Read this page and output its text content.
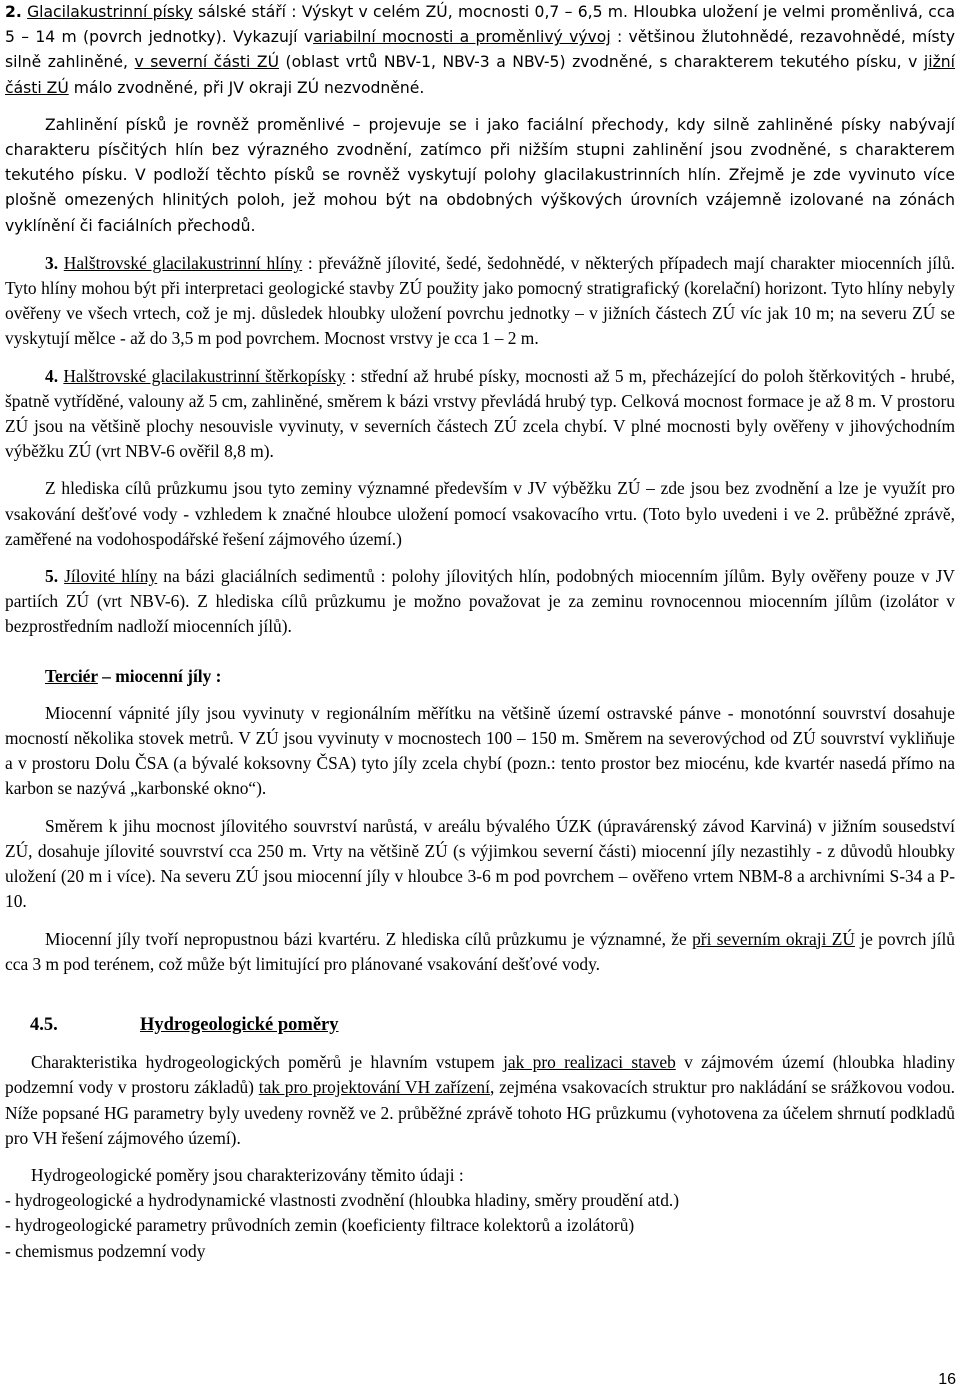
2. Glacilakustrinní písky sálské stáří : Výskyt v celém ZÚ, mocnosti 0,7 – 6,5 m. Hloubka uložení je velmi proměnlivá, cca 5 – 14 m (povrch jednotky). Vykazují variabilní mocnosti a proměnlivý vývoj : většinou žlutohnědé, rezavohnědé, místy silně zahliněné, v severní části ZÚ (oblast vrtů NBV-1, NBV-3 a NBV-5) zvodněné, s charakterem tekutého písku, v jižní části ZÚ málo zvodněné, při JV okraji ZÚ nezvodněné.

Zahlinění písků je rovněž proměnlivé – projevuje se i jako faciální přechody, kdy silně zahliněné písky nabývají charakteru písčitých hlín bez výrazného zvodnění, zatímco při nižším stupni zahlinění jsou zvodněné, s charakterem tekutého písku. V podloží těchto písků se rovněž vyskytují polohy glacilakustrinních hlín. Zřejmě je zde vyvinuto více plošně omezených hlinitých poloh, jež mohou být na obdobných výškových úrovních vzájemně izolované na zónách vyklínění či faciálních přechodů.

3. Halštrovské glacilakustrinní hlíny : převážně jílovité, šedé, šedohnědé, v některých případech mají charakter miocenních jílů. Tyto hlíny mohou být při interpretaci geologické stavby ZÚ použity jako pomocný stratigrafický (korelační) horizont. Tyto hlíny nebyly ověřeny ve všech vrtech, což je mj. důsledek hloubky uložení povrchu jednotky – v jižních částech ZÚ víc jak 10 m; na severu ZÚ se vyskytují mělce - až do 3,5 m pod povrchem. Mocnost vrstvy je cca 1 – 2 m.

4. Halštrovské glacilakustrinní štěrkopísky : střední až hrubé písky, mocnosti až 5 m, přecházející do poloh štěrkovitých - hrubé, špatně vytříděné, valouny až 5 cm, zahliněné, směrem k bázi vrstvy převládá hrubý typ. Celková mocnost formace je až 8 m. V prostoru ZÚ jsou na většině plochy nesouvisle vyvinuty, v severních částech ZÚ zcela chybí. V plné mocnosti byly ověřeny v jihovýchodním výběžku ZÚ (vrt NBV-6 ověřil 8,8 m).

Z hlediska cílů průzkumu jsou tyto zeminy významné především v JV výběžku ZÚ – zde jsou bez zvodnění a lze je využít pro vsakování dešťové vody - vzhledem k značné hloubce uložení pomocí vsakovacího vrtu. (Toto bylo uvedeni i ve 2. průběžné zprávě, zaměřené na vodohospodářské řešení zájmového území.)

5. Jílovité hlíny na bázi glaciálních sedimentů : polohy jílovitých hlín, podobných miocenním jílům. Byly ověřeny pouze v JV partiích ZÚ (vrt NBV-6). Z hlediska cílů průzkumu je možno považovat je za zeminu rovnocennou miocenním jílům (izolátor v bezprostředním nadloží miocenních jílů).

Terciér – miocenní jíly :

Miocenní vápnité jíly jsou vyvinuty v regionálním měřítku na většině území ostravské pánve - monotónní souvrství dosahuje mocností několika stovek metrů. V ZÚ jsou vyvinuty v mocnostech 100 – 150 m. Směrem na severovýchod od ZÚ souvrství vykliňuje a v prostoru Dolu ČSA (a bývalé koksovny ČSA) tyto jíly zcela chybí (pozn.: tento prostor bez miocénu, kde kvartér nasedá přímo na karbon se nazývá „karbonské okno“).

Směrem k jihu mocnost jílovitého souvrství narůstá, v areálu bývalého ÚZK (úpravárenský závod Karviná) v jižním sousedství ZÚ, dosahuje jílovité souvrství cca 250 m. Vrty na většině ZÚ (s výjimkou severní části) miocenní jíly nezastihly - z důvodů hloubky uložení (20 m i více). Na severu ZÚ jsou miocenní jíly v hloubce 3-6 m pod povrchem – ověřeno vrtem NBM-8 a archivními S-34 a P-10.

Miocenní jíly tvoří nepropustnou bázi kvartéru. Z hlediska cílů průzkumu je významné, že při severním okraji ZÚ je povrch jílů cca 3 m pod terénem, což může být limitující pro plánované vsakování dešťové vody.

4.5.	Hydrogeologické poměry

Charakteristika hydrogeologických poměrů je hlavním vstupem jak pro realizaci staveb v zájmovém území (hloubka hladiny podzemní vody v prostoru základů) tak pro projektování VH zařízení, zejména vsakovacích struktur pro nakládání se srážkovou vodou. Níže popsané HG parametry byly uvedeny rovněž ve 2. průběžné zprávě tohoto HG průzkumu (vyhotovena za účelem shrnutí podkladů pro VH řešení zájmového území).

Hydrogeologické poměry jsou charakterizovány těmito údaji :

- hydrogeologické a hydrodynamické vlastnosti zvodnění (hloubka hladiny, směry proudění atd.)

- hydrogeologické parametry průvodních zemin (koeficienty filtrace kolektorů a izolátorů)

- chemismus podzemní vody

16
